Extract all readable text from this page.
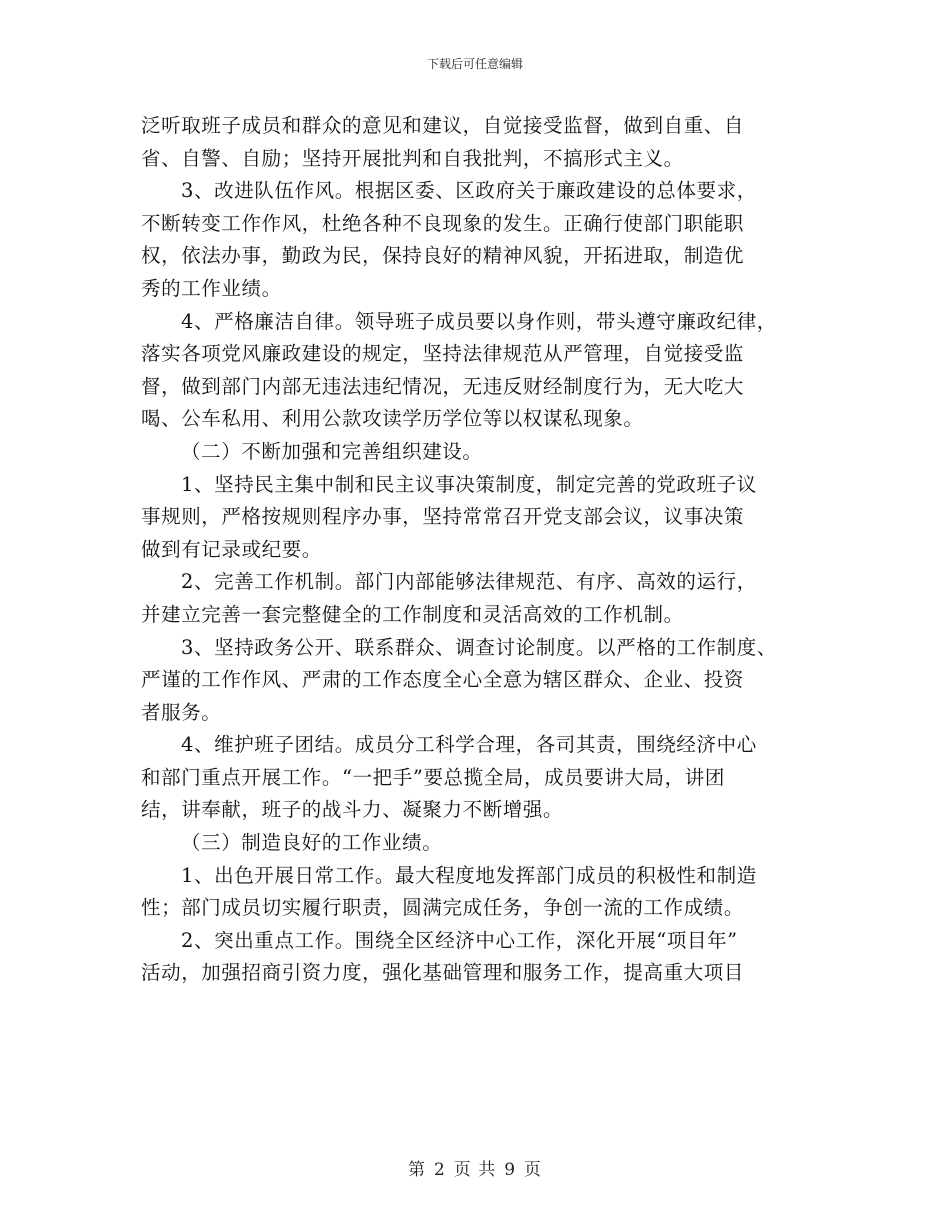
下载后可任意编辑
泛听取班子成员和群众的意见和建议，自觉接受监督，做到自重、自
省、自警、自励；坚持开展批判和自我批判，不搞形式主义。
3、改进队伍作风。根据区委、区政府关于廉政建设的总体要求，
不断转变工作作风，杜绝各种不良现象的发生。正确行使部门职能职
权，依法办事，勤政为民，保持良好的精神风貌，开拓进取，制造优
秀的工作业绩。
4、严格廉洁自律。领导班子成员要以身作则，带头遵守廉政纪律，
落实各项党风廉政建设的规定，坚持法律规范从严管理，自觉接受监
督，做到部门内部无违法违纪情况，无违反财经制度行为，无大吃大
喝、公车私用、利用公款攻读学历学位等以权谋私现象。
（二）不断加强和完善组织建设。
1、坚持民主集中制和民主议事决策制度，制定完善的党政班子议
事规则，严格按规则程序办事，坚持常常召开党支部会议，议事决策
做到有记录或纪要。
2、完善工作机制。部门内部能够法律规范、有序、高效的运行，
并建立完善一套完整健全的工作制度和灵活高效的工作机制。
3、坚持政务公开、联系群众、调查讨论制度。以严格的工作制度、
严谨的工作作风、严肃的工作态度全心全意为辖区群众、企业、投资
者服务。
4、维护班子团结。成员分工科学合理，各司其责，围绕经济中心
和部门重点开展工作。“一把手”要总揽全局，成员要讲大局，讲团
结，讲奉献，班子的战斗力、凝聚力不断增强。
（三）制造良好的工作业绩。
1、出色开展日常工作。最大程度地发挥部门成员的积极性和制造
性；部门成员切实履行职责，圆满完成任务，争创一流的工作成绩。
2、突出重点工作。围绕全区经济中心工作，深化开展“项目年”
活动，加强招商引资力度，强化基础管理和服务工作，提高重大项目
第 2 页 共 9 页
